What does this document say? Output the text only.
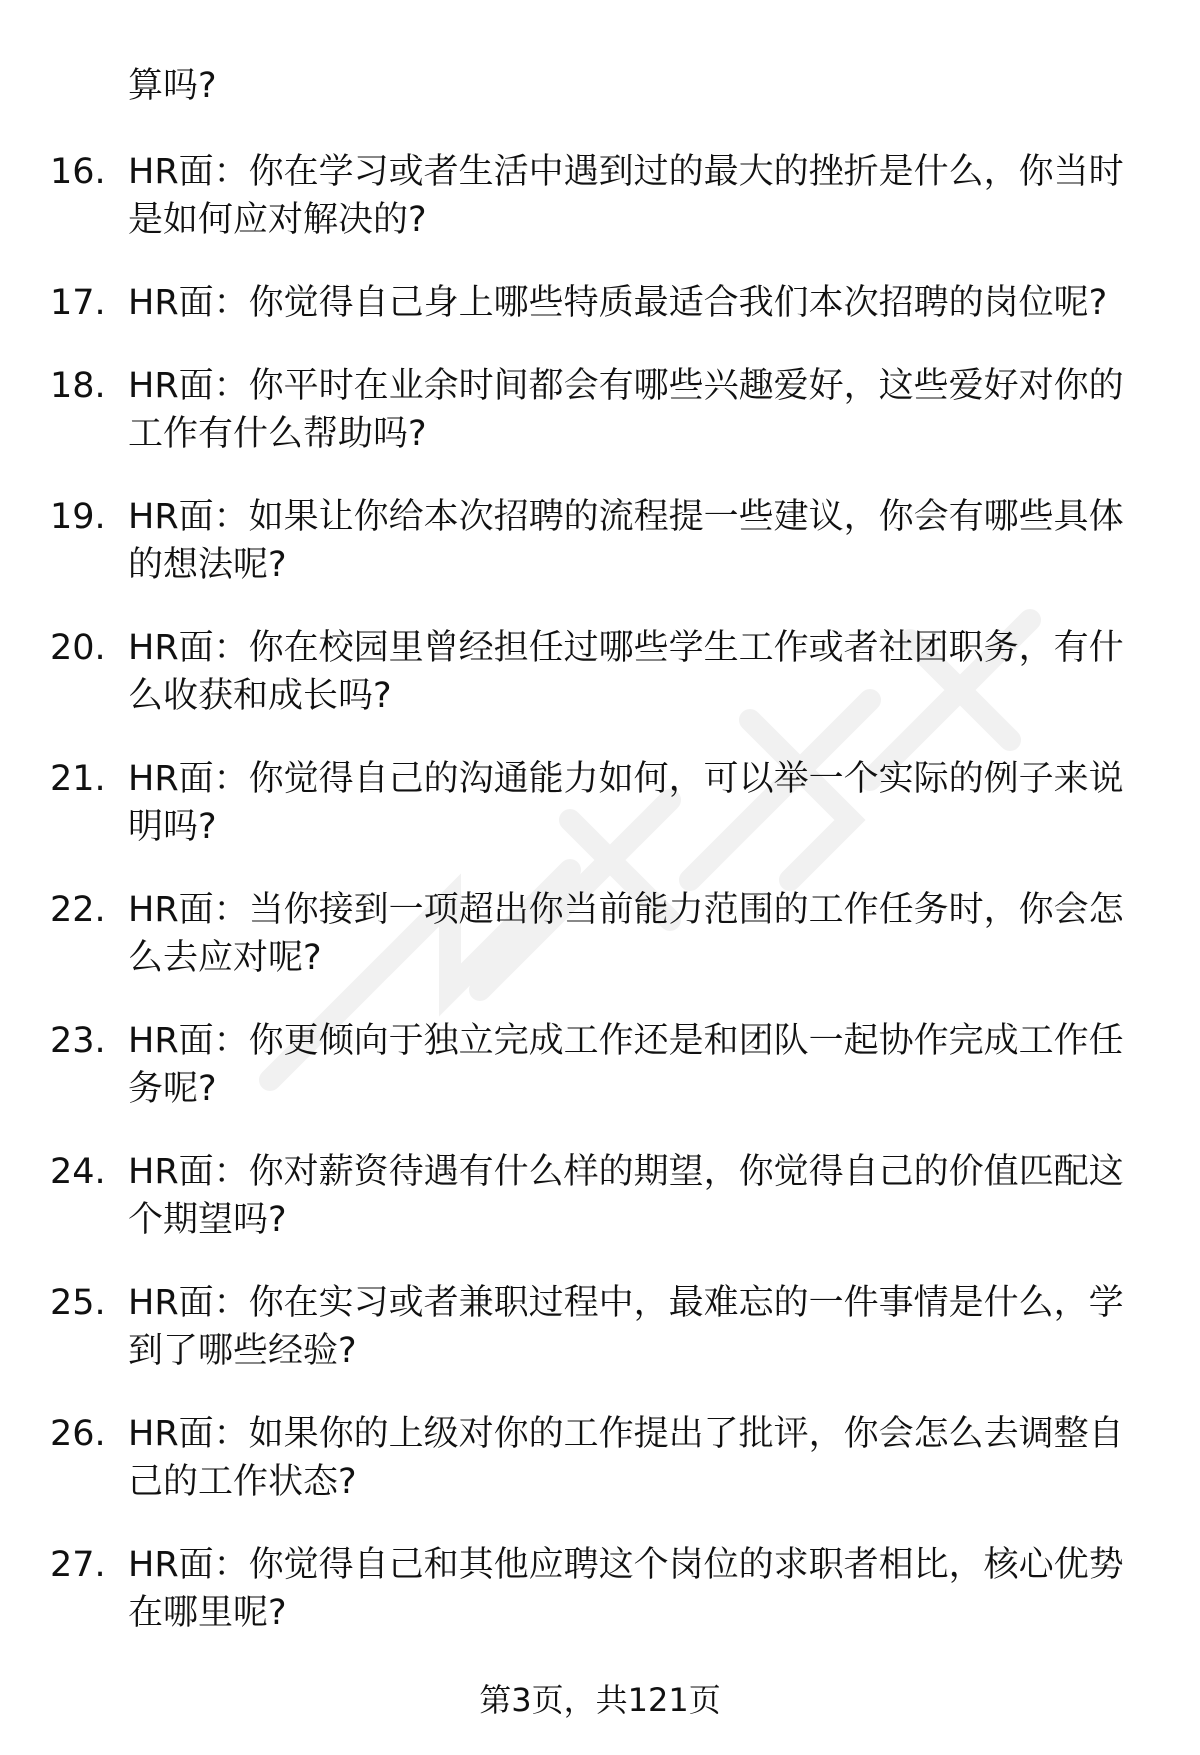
算吗?
16. HR面：你在学习或者生活中遇到过的最大的挫折是什么，你当时
是如何应对解决的?
17. HR面：你觉得自己身上哪些特质最适合我们本次招聘的岗位呢?
18. HR面：你平时在业余时间都会有哪些兴趣爱好，这些爱好对你的
工作有什么帮助吗?
19. HR面：如果让你给本次招聘的流程提一些建议，你会有哪些具体
的想法呢?
20. HR面：你在校园里曾经担任过哪些学生工作或者社团职务，有什
么收获和成长吗?
21. HR面：你觉得自己的沟通能力如何，可以举一个实际的例子来说
明吗?
22. HR面：当你接到一项超出你当前能力范围的工作任务时，你会怎
么去应对呢?
23. HR面：你更倾向于独立完成工作还是和团队一起协作完成工作任
务呢?
24. HR面：你对薪资待遇有什么样的期望，你觉得自己的价值匹配这
个期望吗?
25. HR面：你在实习或者兼职过程中，最难忘的一件事情是什么，学
到了哪些经验?
26. HR面：如果你的上级对你的工作提出了批评，你会怎么去调整自
己的工作状态?
27. HR面：你觉得自己和其他应聘这个岗位的求职者相比，核心优势
在哪里呢?
第3页，共121页
